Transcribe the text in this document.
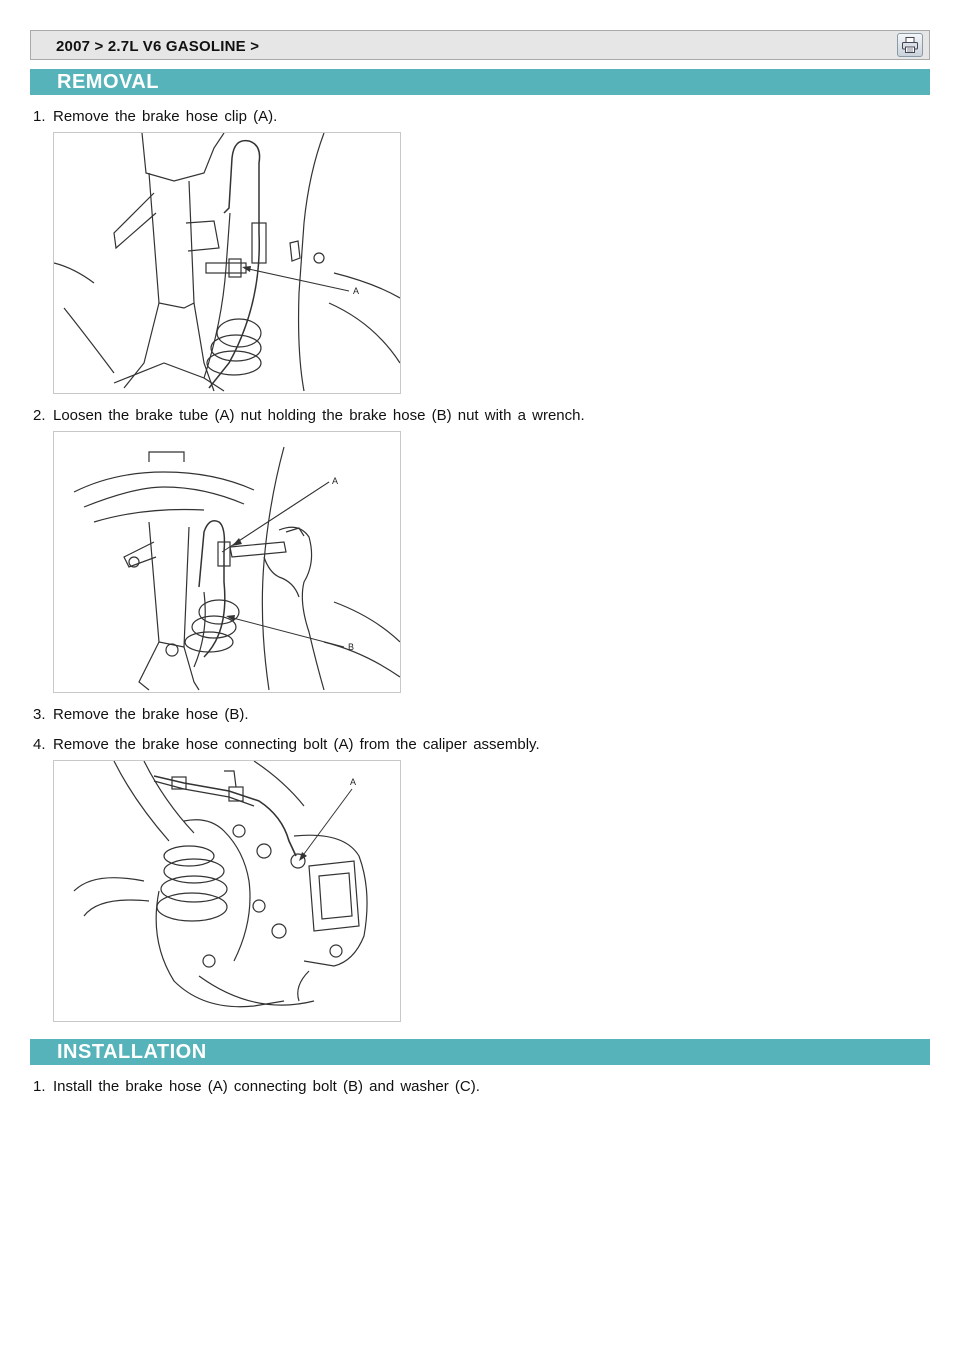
2007 > 2.7L V6 GASOLINE >
REMOVAL
1. Remove the brake hose clip (A).
A
2. Loosen the brake tube (A) nut holding the brake hose (B) nut with a wrench.
A
B
3. Remove the brake hose (B).
4. Remove the brake hose connecting bolt (A) from the caliper assembly.
A
INSTALLATION
1. Install the brake hose (A) connecting bolt (B) and washer (C).
